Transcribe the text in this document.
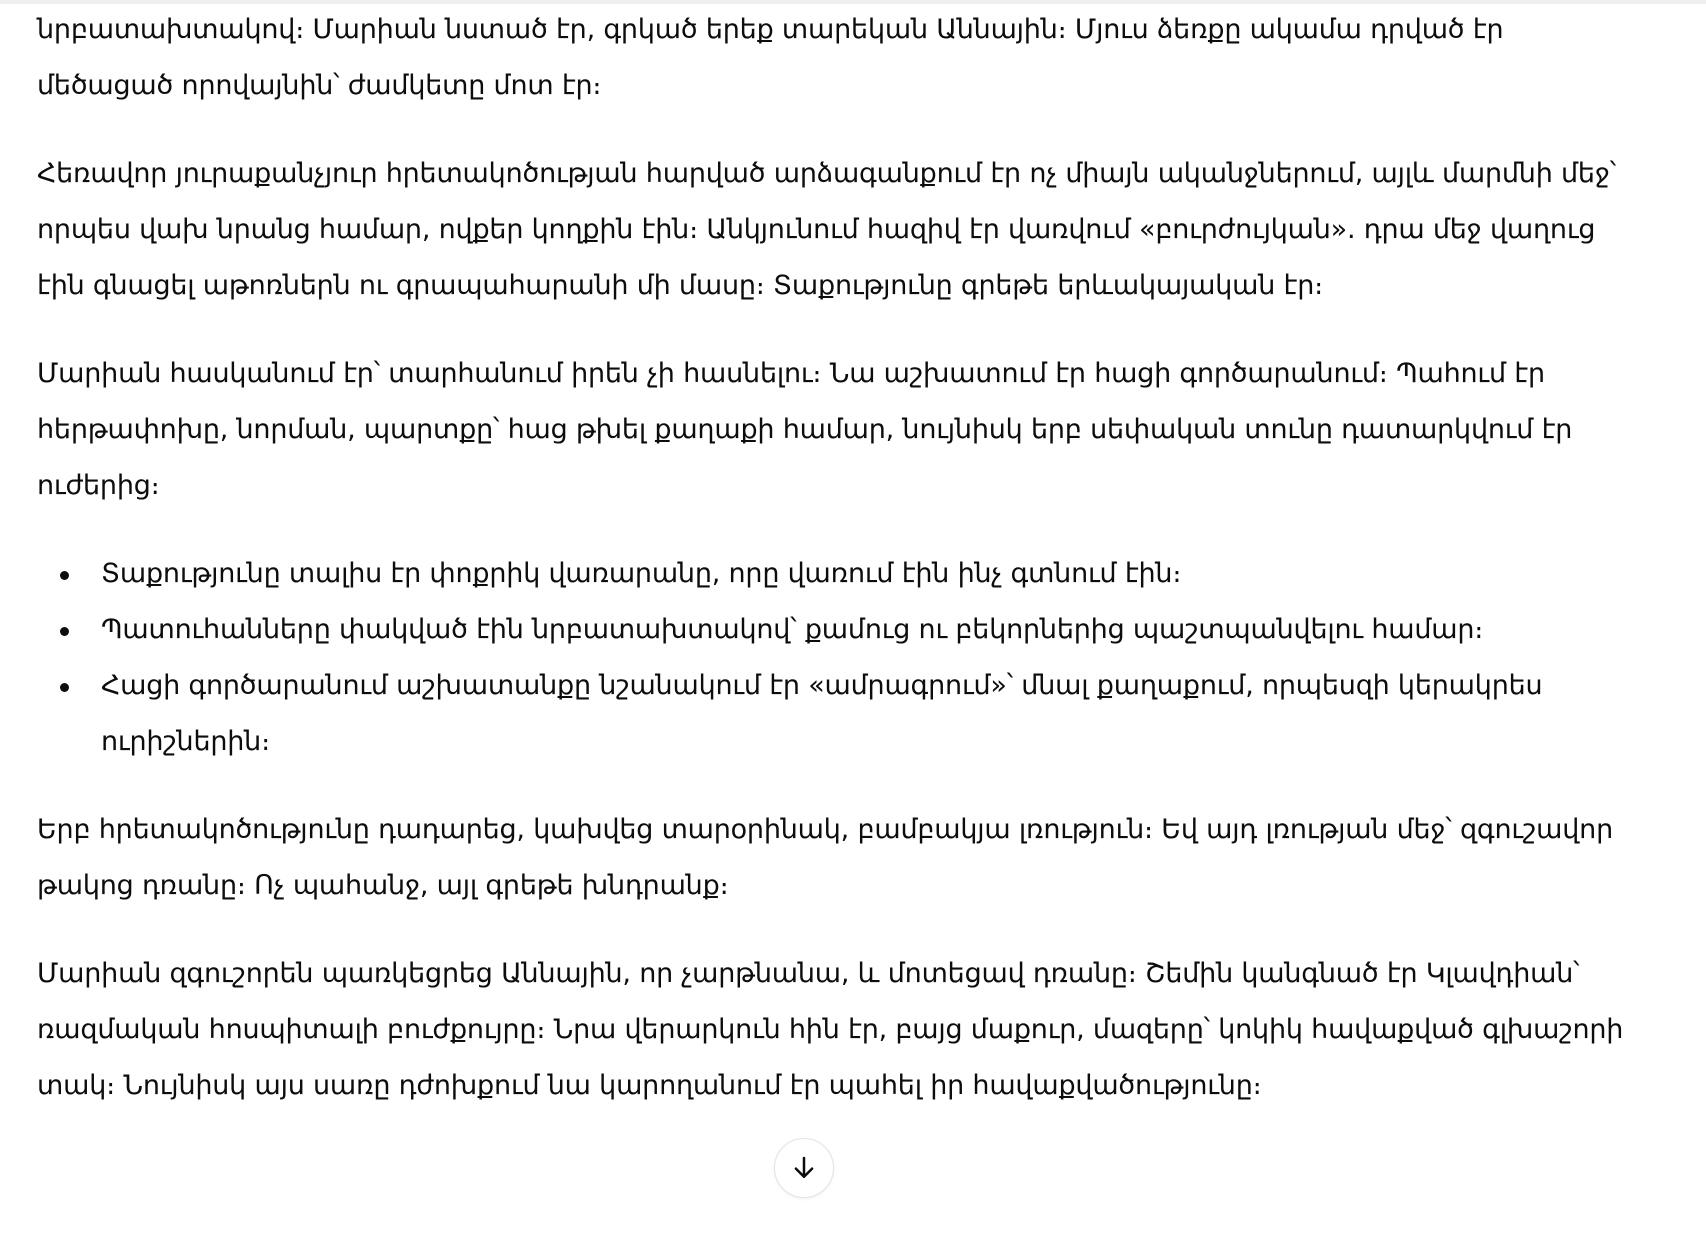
նրբատախտակով։ Մարիան նստած էր, գրկած երեք տարեկան Աննային։ Մյուս ձեռքը ակամա դրված էր մեծացած որովայնին՝ ժամկետը մոտ էր։

Հեռավոր յուրաքանչյուր հրետակոծության հարված արձագանքում էր ոչ միայն ականջներում, այլև մարմնի մեջ՝ որպես վախ նրանց համար, ովքեր կողքին էին։ Անկյունում հազիվ էր վառվում «բուրժույկան». դրա մեջ վաղուց էին գնացել աթոռներն ու գրապահարանի մի մասը։ Տաքությունը գրեթե երևակայական էր։

Մարիան հասկանում էր՝ տարհանում իրեն չի հասնելու։ Նա աշխատում էր հացի գործարանում։ Պահում էր հերթափոխը, նորման, պարտքը՝ հաց թխել քաղաքի համար, նույնիսկ երբ սեփական տունը դատարկվում էր ուժերից։

Տաքությունը տալիս էր փոքրիկ վառարանը, որը վառում էին ինչ գտնում էին։
Պատուհանները փակված էին նրբատախտակով՝ քամուց ու բեկորներից պաշտպանվելու համար։
Հացի գործարանում աշխատանքը նշանակում էր «ամրագրում»՝ մնալ քաղաքում, որպեսզի կերակրես ուրիշներին։

Երբ հրետակոծությունը դադարեց, կախվեց տարօրինակ, բամբակյա լռություն։ Եվ այդ լռության մեջ՝ զգուշավոր թակոց դռանը։ Ոչ պահանջ, այլ գրեթե խնդրանք։

Մարիան զգուշորեն պառկեցրեց Աննային, որ չարթնանա, և մոտեցավ դռանը։ Շեմին կանգնած էր Կլավդիան՝ ռազմական հոսպիտալի բուժքույրը։ Նրա վերարկուն հին էր, բայց մաքուր, մազերը՝ կոկիկ հավաքված գլխաշորի տակ։ Նույնիսկ այս սառը դժոխքում նա կարողանում էր պահել իր հավաքվածությունը։
